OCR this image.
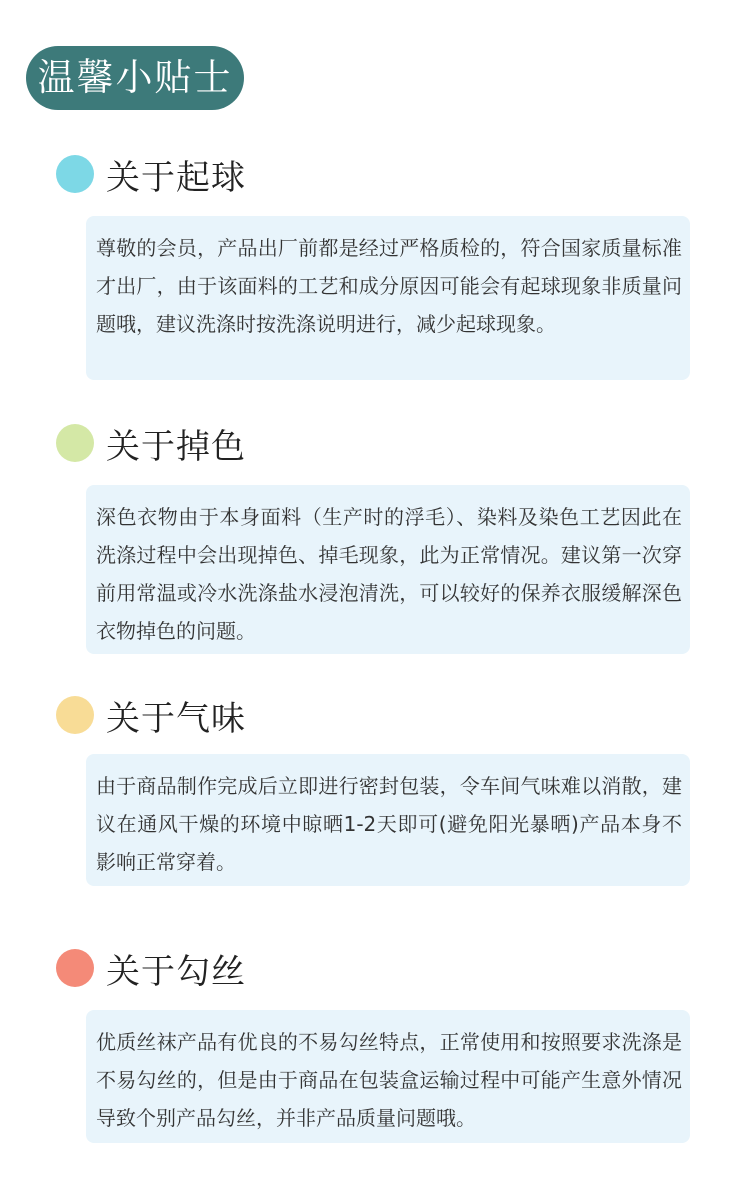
温馨小贴士
关于起球

尊敬的会员，产品出厂前都是经过严格质检的，符合国家质量标准才出厂，由于该面料的工艺和成分原因可能会有起球现象非质量问题哦，建议洗涤时按洗涤说明进行，减少起球现象。

关于掉色

深色衣物由于本身面料（生产时的浮毛）、染料及染色工艺因此在洗涤过程中会出现掉色、掉毛现象，此为正常情况。建议第一次穿前用常温或冷水洗涤盐水浸泡清洗，可以较好的保养衣服缓解深色衣物掉色的问题。

关于气味

由于商品制作完成后立即进行密封包装，令车间气味难以消散，建议在通风干燥的环境中晾晒1-2天即可(避免阳光暴晒)产品本身不影响正常穿着。

关于勾丝

优质丝袜产品有优良的不易勾丝特点，正常使用和按照要求洗涤是不易勾丝的，但是由于商品在包装盒运输过程中可能产生意外情况导致个别产品勾丝，并非产品质量问题哦。
